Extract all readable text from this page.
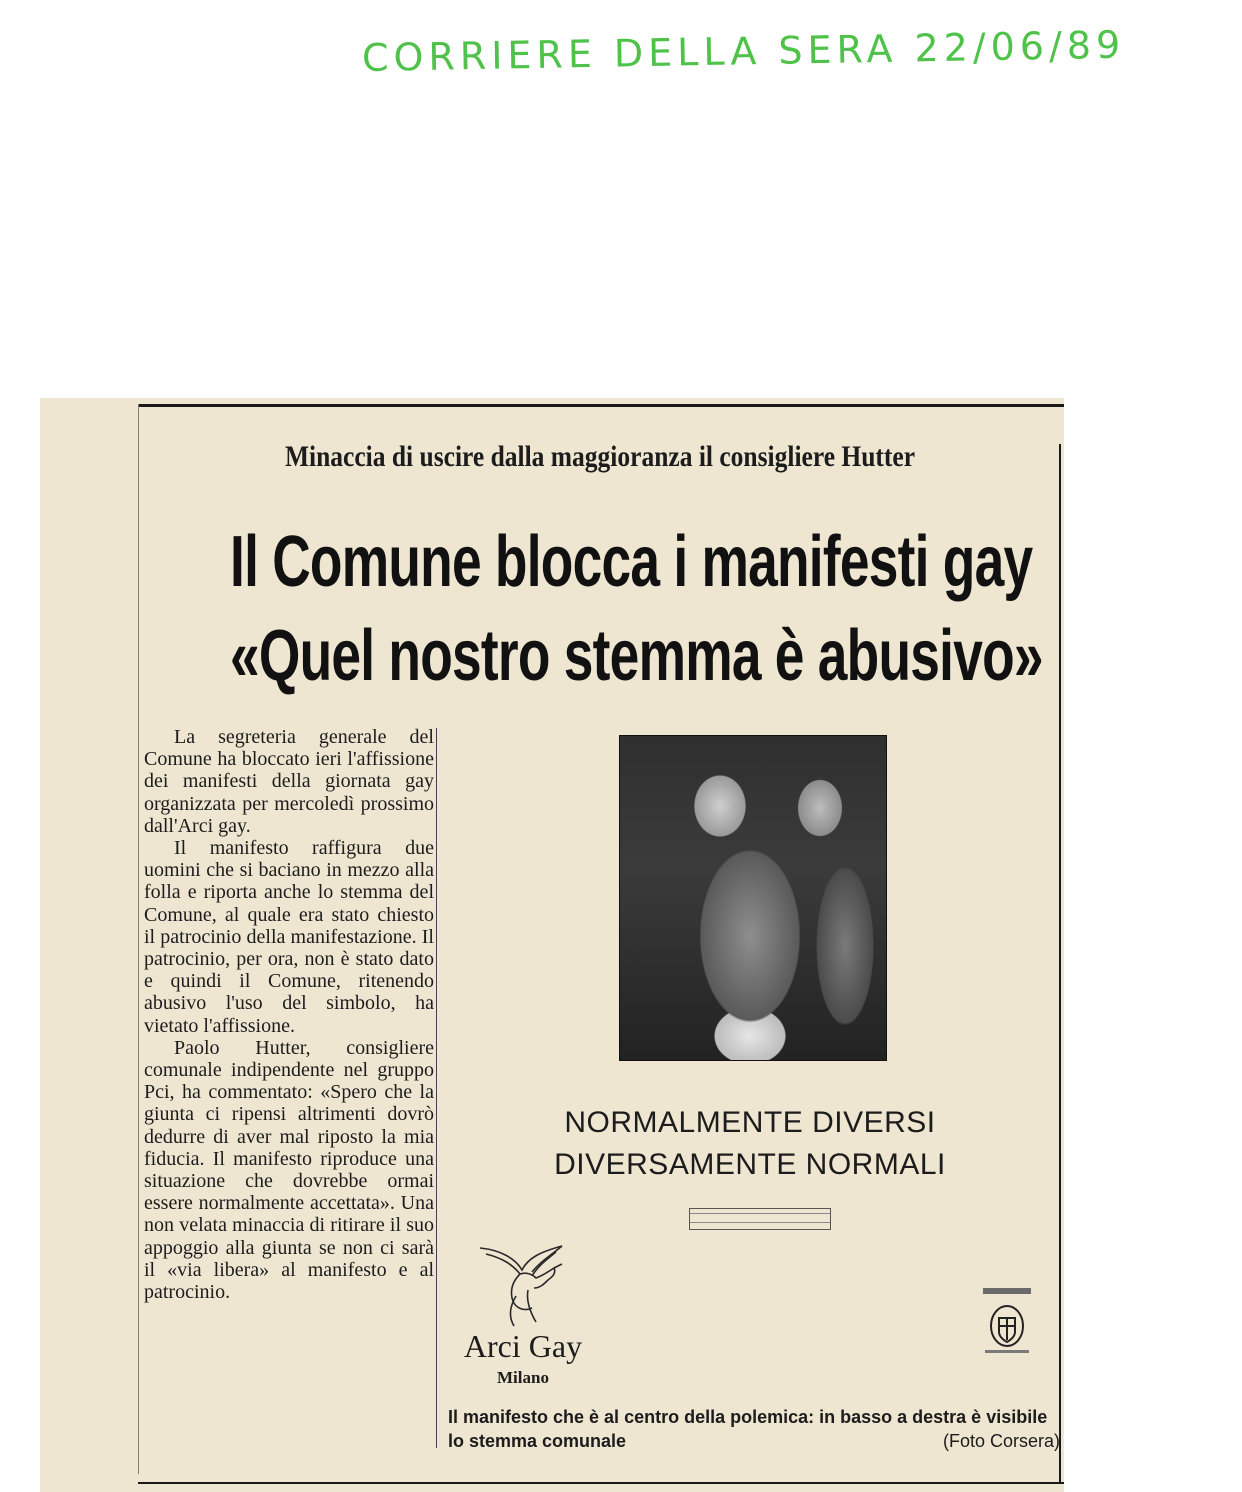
CORRIERE DELLA SERA 22/06/89
Minaccia di uscire dalla maggioranza il consigliere Hutter
Il Comune blocca i manifesti gay
«Quel nostro stemma è abusivo»

La segreteria generale del Comune ha bloccato ieri l'affissione dei manifesti della giornata gay organizzata per mercoledì prossimo dall'Arci gay.

Il manifesto raffigura due uomini che si baciano in mezzo alla folla e riporta anche lo stemma del Comune, al quale era stato chiesto il patrocinio della manifestazione. Il patrocinio, per ora, non è stato dato e quindi il Comune, ritenendo abusivo l'uso del simbolo, ha vietato l'affissione.

Paolo Hutter, consigliere comunale indipendente nel gruppo Pci, ha commentato: «Spero che la giunta ci ripensi altrimenti dovrò dedurre di aver mal riposto la mia fiducia. Il manifesto riproduce una situazione che dovrebbe ormai essere normalmente accettata». Una non velata minaccia di ritirare il suo appoggio alla giunta se non ci sarà il «via libera» al manifesto e al patrocinio.

NORMALMENTE DIVERSI
DIVERSAMENTE NORMALI
Arci Gay
Milano
Il manifesto che è al centro della polemica: in basso a destra è visibile lo stemma comunale	(Foto Corsera)
